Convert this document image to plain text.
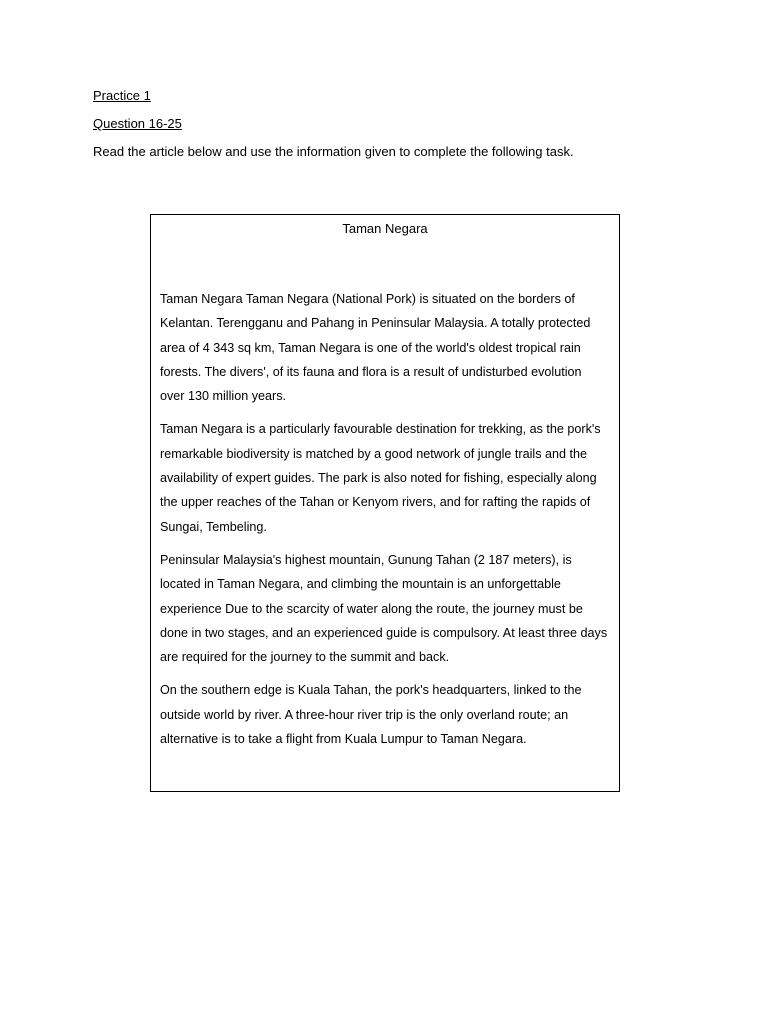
Practice 1
Question 16-25
Read the article below and use the information given to complete the following task.
Taman Negara

Taman Negara Taman Negara (National Pork) is situated on the borders of Kelantan. Terengganu and Pahang in Peninsular Malaysia. A totally protected area of 4 343 sq km, Taman Negara is one of the world's oldest tropical rain forests. The divers', of its fauna and flora is a result of undisturbed evolution over 130 million years.

Taman Negara is a particularly favourable destination for trekking, as the pork's remarkable biodiversity is matched by a good network of jungle trails and the availability of expert guides. The park is also noted for fishing, especially along the upper reaches of the Tahan or Kenyom rivers, and for rafting the rapids of Sungai, Tembeling.

Peninsular Malaysia's highest mountain, Gunung Tahan (2 187 meters), is located in Taman Negara, and climbing the mountain is an unforgettable experience Due to the scarcity of water along the route, the journey must be done in two stages, and an experienced guide is compulsory. At least three days are required for the journey to the summit and back.

On the southern edge is Kuala Tahan, the pork's headquarters, linked to the outside world by river. A three-hour river trip is the only overland route; an alternative is to take a flight from Kuala Lumpur to Taman Negara.
